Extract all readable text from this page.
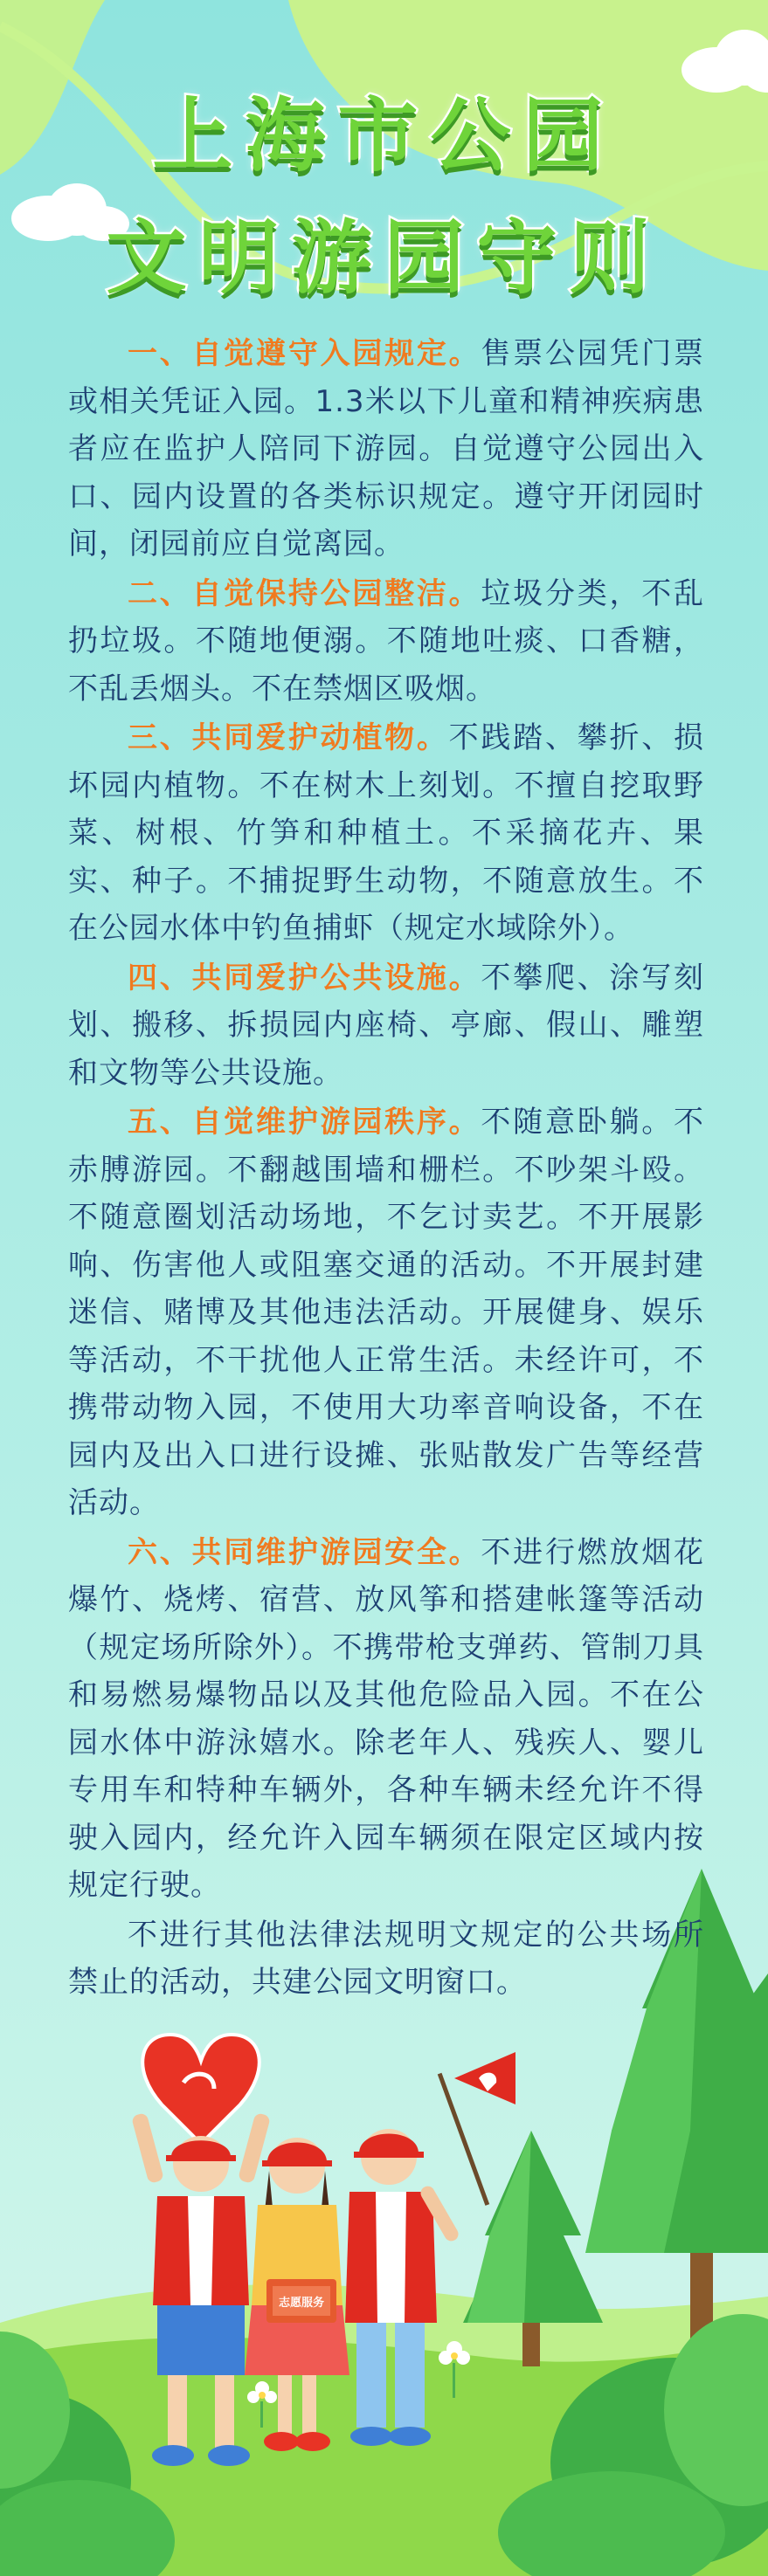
上海市公园
文明游园守则

一、自觉遵守入园规定。售票公园凭门票或相关凭证入园。1.3米以下儿童和精神疾病患者应在监护人陪同下游园。自觉遵守公园出入口、园内设置的各类标识规定。遵守开闭园时间，闭园前应自觉离园。

二、自觉保持公园整洁。垃圾分类，不乱扔垃圾。不随地便溺。不随地吐痰、口香糖，不乱丢烟头。不在禁烟区吸烟。

三、共同爱护动植物。不践踏、攀折、损坏园内植物。不在树木上刻划。不擅自挖取野菜、树根、竹笋和种植土。不采摘花卉、果实、种子。不捕捉野生动物，不随意放生。不在公园水体中钓鱼捕虾（规定水域除外）。

四、共同爱护公共设施。不攀爬、涂写刻划、搬移、拆损园内座椅、亭廊、假山、雕塑和文物等公共设施。

五、自觉维护游园秩序。不随意卧躺。不赤膊游园。不翻越围墙和栅栏。不吵架斗殴。不随意圈划活动场地，不乞讨卖艺。不开展影响、伤害他人或阻塞交通的活动。不开展封建迷信、赌博及其他违法活动。开展健身、娱乐等活动，不干扰他人正常生活。未经许可，不携带动物入园，不使用大功率音响设备，不在园内及出入口进行设摊、张贴散发广告等经营活动。

六、共同维护游园安全。不进行燃放烟花爆竹、烧烤、宿营、放风筝和搭建帐篷等活动（规定场所除外）。不携带枪支弹药、管制刀具和易燃易爆物品以及其他危险品入园。不在公园水体中游泳嬉水。除老年人、残疾人、婴儿专用车和特种车辆外，各种车辆未经允许不得驶入园内，经允许入园车辆须在限定区域内按规定行驶。

不进行其他法律法规明文规定的公共场所禁止的活动，共建公园文明窗口。

志愿服务
